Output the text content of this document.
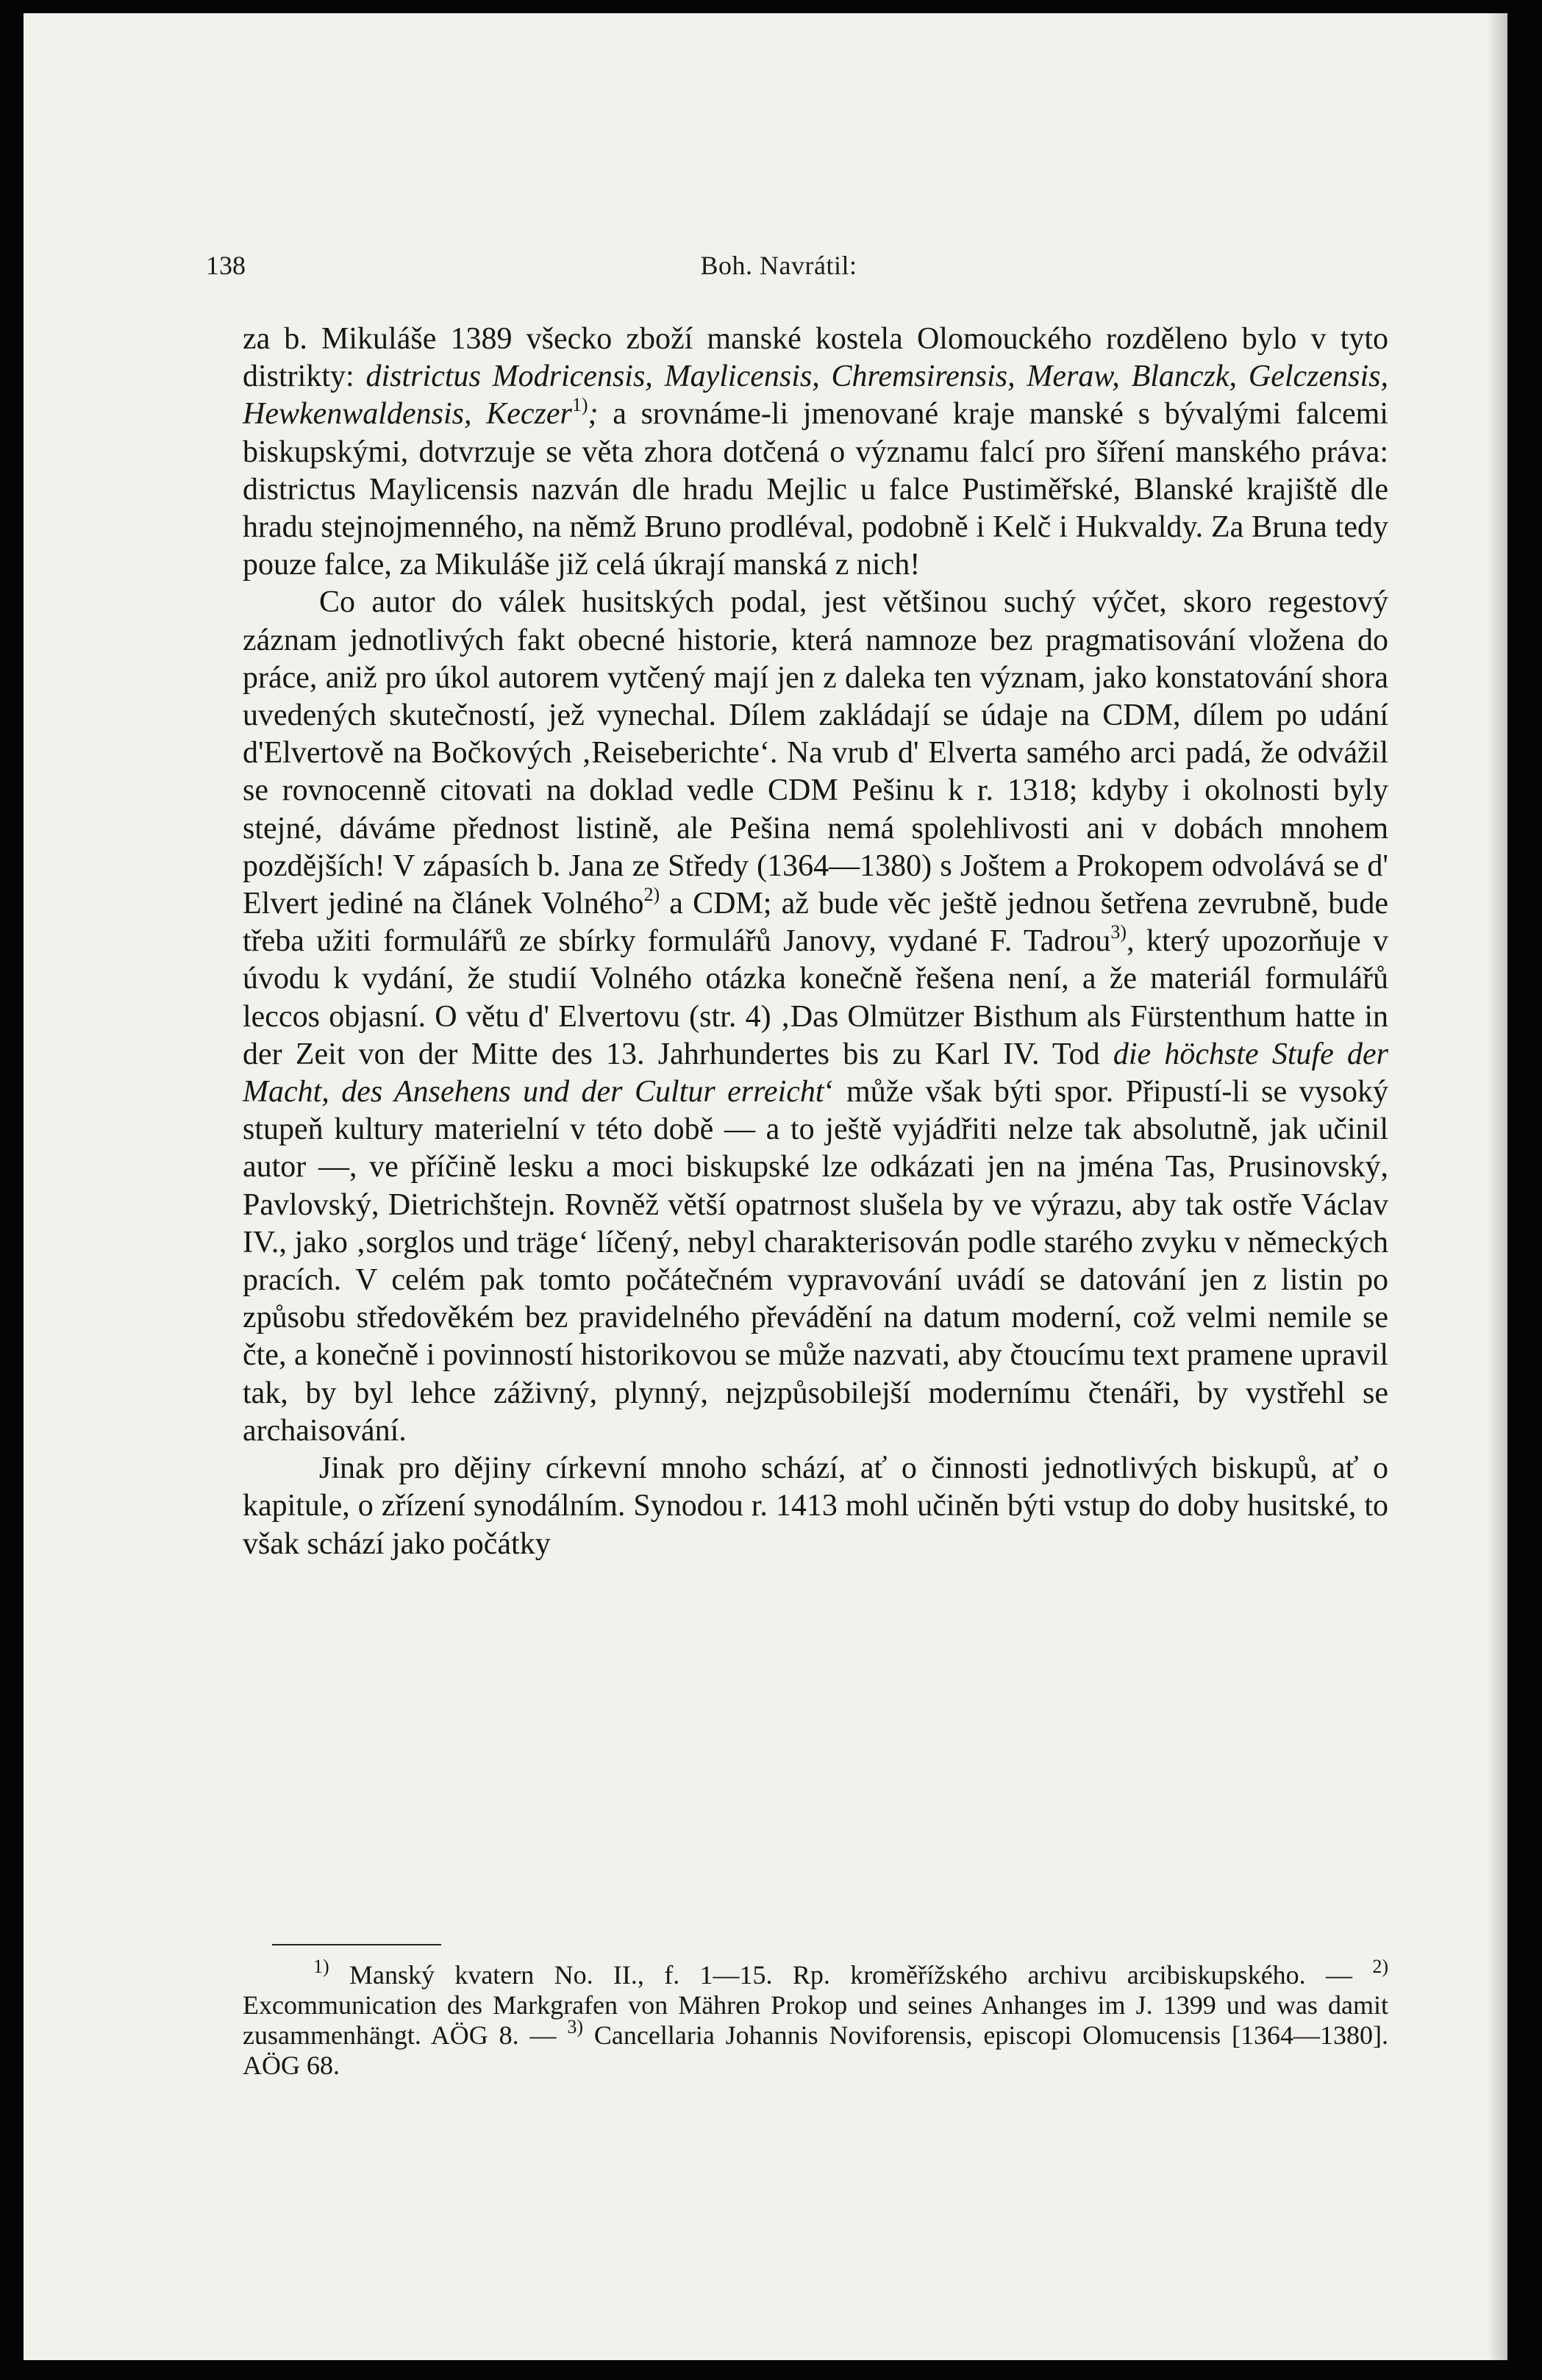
138	Boh. Navrátil:

za b. Mikuláše 1389 všecko zboží manské kostela Olomouckého rozděleno bylo v tyto distrikty: districtus Modricensis, Maylicensis, Chremsirensis, Meraw, Blanczk, Gelczensis, Hewkenwaldensis, Keczer$^{1)}$; a srovnáme-li jmenované kraje manské s bývalými falcemi biskupskými, dotvrzuje se věta zhora dotčená o významu falcí pro šíření manského práva: districtus Maylicensis nazván dle hradu Mejlic u falce Pustiměřské, Blanské krajiště dle hradu stejnojmenného, na němž Bruno prodléval, podobně i Kelč i Hukvaldy. Za Bruna tedy pouze falce, za Mikuláše již celá úkrají manská z nich!

Co autor do válek husitských podal, jest většinou suchý výčet, skoro regestový záznam jednotlivých fakt obecné historie, která namnoze bez pragmatisování vložena do práce, aniž pro úkol autorem vytčený mají jen z daleka ten význam, jako konstatování shora uvedených skutečností, jež vynechal. Dílem zakládají se údaje na CDM, dílem po udání d'Elvertově na Bočkových ‚Reiseberichte‘. Na vrub d' Elverta samého arci padá, že odvážil se rovnocenně citovati na doklad vedle CDM Pešinu k r. 1318; kdyby i okolnosti byly stejné, dáváme přednost listině, ale Pešina nemá spolehlivosti ani v dobách mnohem pozdějších! V zápasích b. Jana ze Středy (1364—1380) s Joštem a Prokopem odvolává se d' Elvert jediné na článek Volného$^{2)}$ a CDM; až bude věc ještě jednou šetřena zevrubně, bude třeba užiti formulářů ze sbírky formulářů Janovy, vydané F. Tadrou$^{3)}$, který upozorňuje v úvodu k vydání, že studií Volného otázka konečně řešena není, a že materiál formulářů leccos objasní. O větu d' Elvertovu (str. 4) ‚Das Olmützer Bisthum als Fürstenthum hatte in der Zeit von der Mitte des 13. Jahrhundertes bis zu Karl IV. Tod die höchste Stufe der Macht, des Ansehens und der Cultur erreicht‘ může však býti spor. Připustí-li se vysoký stupeň kultury materielní v této době — a to ještě vyjádřiti nelze tak absolutně, jak učinil autor —, ve příčině lesku a moci biskupské lze odkázati jen na jména Tas, Prusinovský, Pavlovský, Dietrichštejn. Rovněž větší opatrnost slušela by ve výrazu, aby tak ostře Václav IV., jako ‚sorglos und träge‘ líčený, nebyl charakterisován podle starého zvyku v německých pracích. V celém pak tomto počátečném vypravování uvádí se datování jen z listin po způsobu středověkém bez pravidelného převádění na datum moderní, což velmi nemile se čte, a konečně i povinností historikovou se může nazvati, aby čtoucímu text pramene upravil tak, by byl lehce záživný, plynný, nejzpůsobilejší modernímu čtenáři, by vystřehl se archaisování.

Jinak pro dějiny církevní mnoho schází, ať o činnosti jednotlivých biskupů, ať o kapitule, o zřízení synodálním. Synodou r. 1413 mohl učiněn býti vstup do doby husitské, to však schází jako počátky

$^{1)}$ Manský kvatern No. II., f. 1—15. Rp. kroměřížského archivu arcibiskupského. — $^{2)}$ Excommunication des Markgrafen von Mähren Prokop und seines Anhanges im J. 1399 und was damit zusammenhängt. AÖG 8. — $^{3)}$ Cancellaria Johannis Noviforensis, episcopi Olomucensis [1364—1380]. AÖG 68.
